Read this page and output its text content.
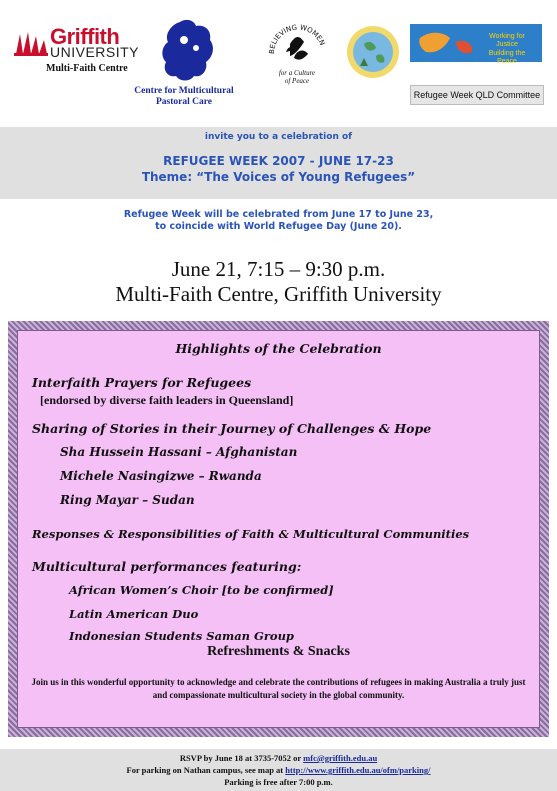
Griffith
UNIVERSITY
Multi-Faith Centre
Centre for Multicultural
Pastoral Care
BELIEVING WOMEN
for a Culture
of Peace
Working for Justice
Building the Peace
Refugee Week QLD Committee
invite you to a celebration of
REFUGEE WEEK 2007 - JUNE 17-23
Theme: “The Voices of Young Refugees”
Refugee Week will be celebrated from June 17 to June 23,
to coincide with World Refugee Day (June 20).
June 21, 7:15 – 9:30 p.m.
Multi-Faith Centre, Griffith University
Highlights of the Celebration
Interfaith Prayers for Refugees
[endorsed by diverse faith leaders in Queensland]
Sharing of Stories in their Journey of Challenges & Hope
Sha Hussein Hassani – Afghanistan
Michele Nasingizwe – Rwanda
Ring Mayar – Sudan
Responses & Responsibilities of Faith & Multicultural Communities
Multicultural performances featuring:
African Women’s Choir [to be confirmed]
Latin American Duo
Indonesian Students Saman Group
Refreshments & Snacks
Join us in this wonderful opportunity to acknowledge and celebrate the contributions of refugees in making Australia a truly just and compassionate multicultural society in the global community.
RSVP by June 18 at 3735-7052 or mfc@griffith.edu.au
For parking on Nathan campus, see map at http://www.griffith.edu.au/ofm/parking/
Parking is free after 7:00 p.m.
